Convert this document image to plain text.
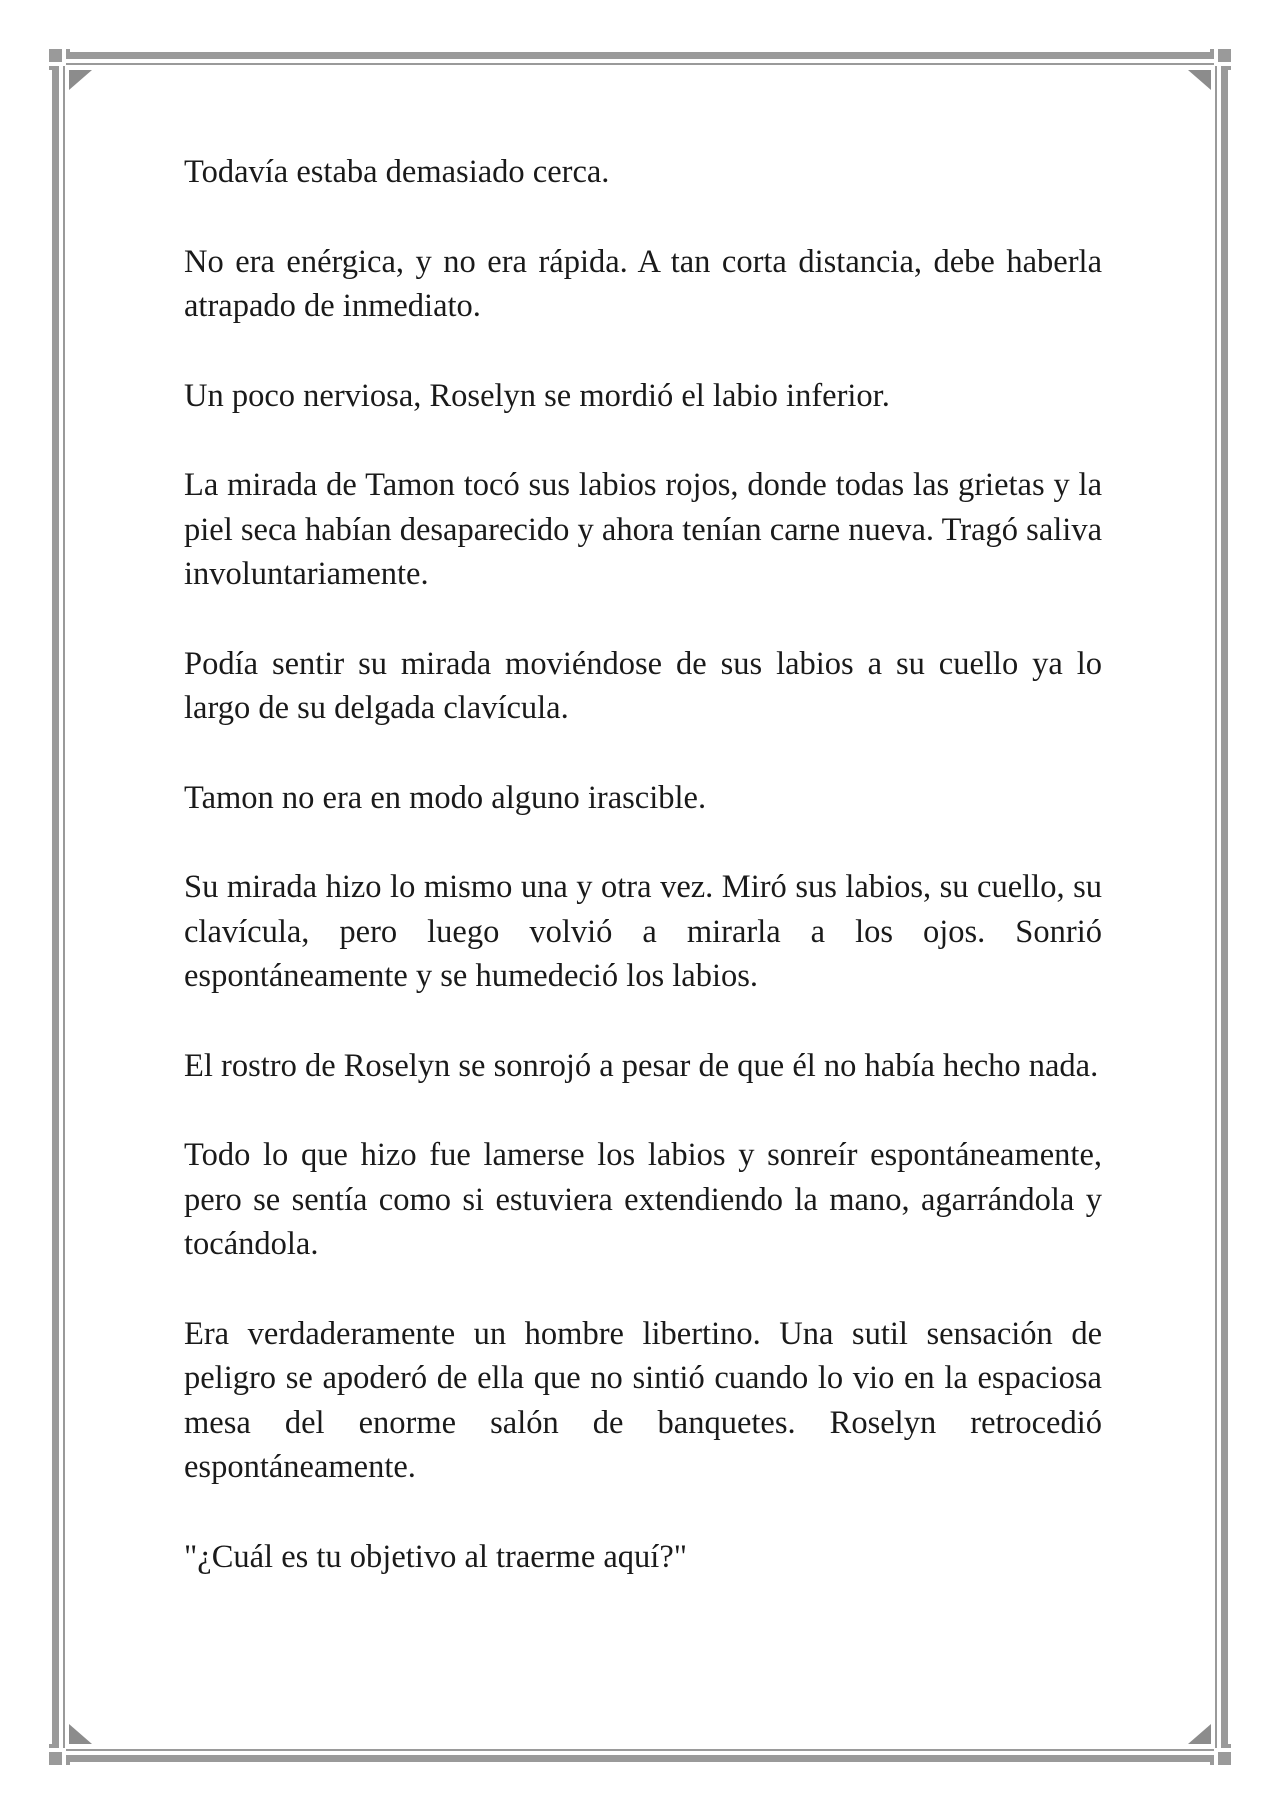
Todavía estaba demasiado cerca.

No era enérgica, y no era rápida. A tan corta distancia, debe haberla atrapado de inmediato.

Un poco nerviosa, Roselyn se mordió el labio inferior.

La mirada de Tamon tocó sus labios rojos, donde todas las grietas y la piel seca habían desaparecido y ahora tenían carne nueva. Tragó saliva involuntariamente.

Podía sentir su mirada moviéndose de sus labios a su cuello ya lo largo de su delgada clavícula.

Tamon no era en modo alguno irascible.

Su mirada hizo lo mismo una y otra vez. Miró sus labios, su cuello, su clavícula, pero luego volvió a mirarla a los ojos. Sonrió espontáneamente y se humedeció los labios.

El rostro de Roselyn se sonrojó a pesar de que él no había hecho nada.

Todo lo que hizo fue lamerse los labios y sonreír espontáneamente, pero se sentía como si estuviera extendiendo la mano, agarrándola y tocándola.

Era verdaderamente un hombre libertino. Una sutil sensación de peligro se apoderó de ella que no sintió cuando lo vio en la espaciosa mesa del enorme salón de banquetes. Roselyn retrocedió espontáneamente.

"¿Cuál es tu objetivo al traerme aquí?"
